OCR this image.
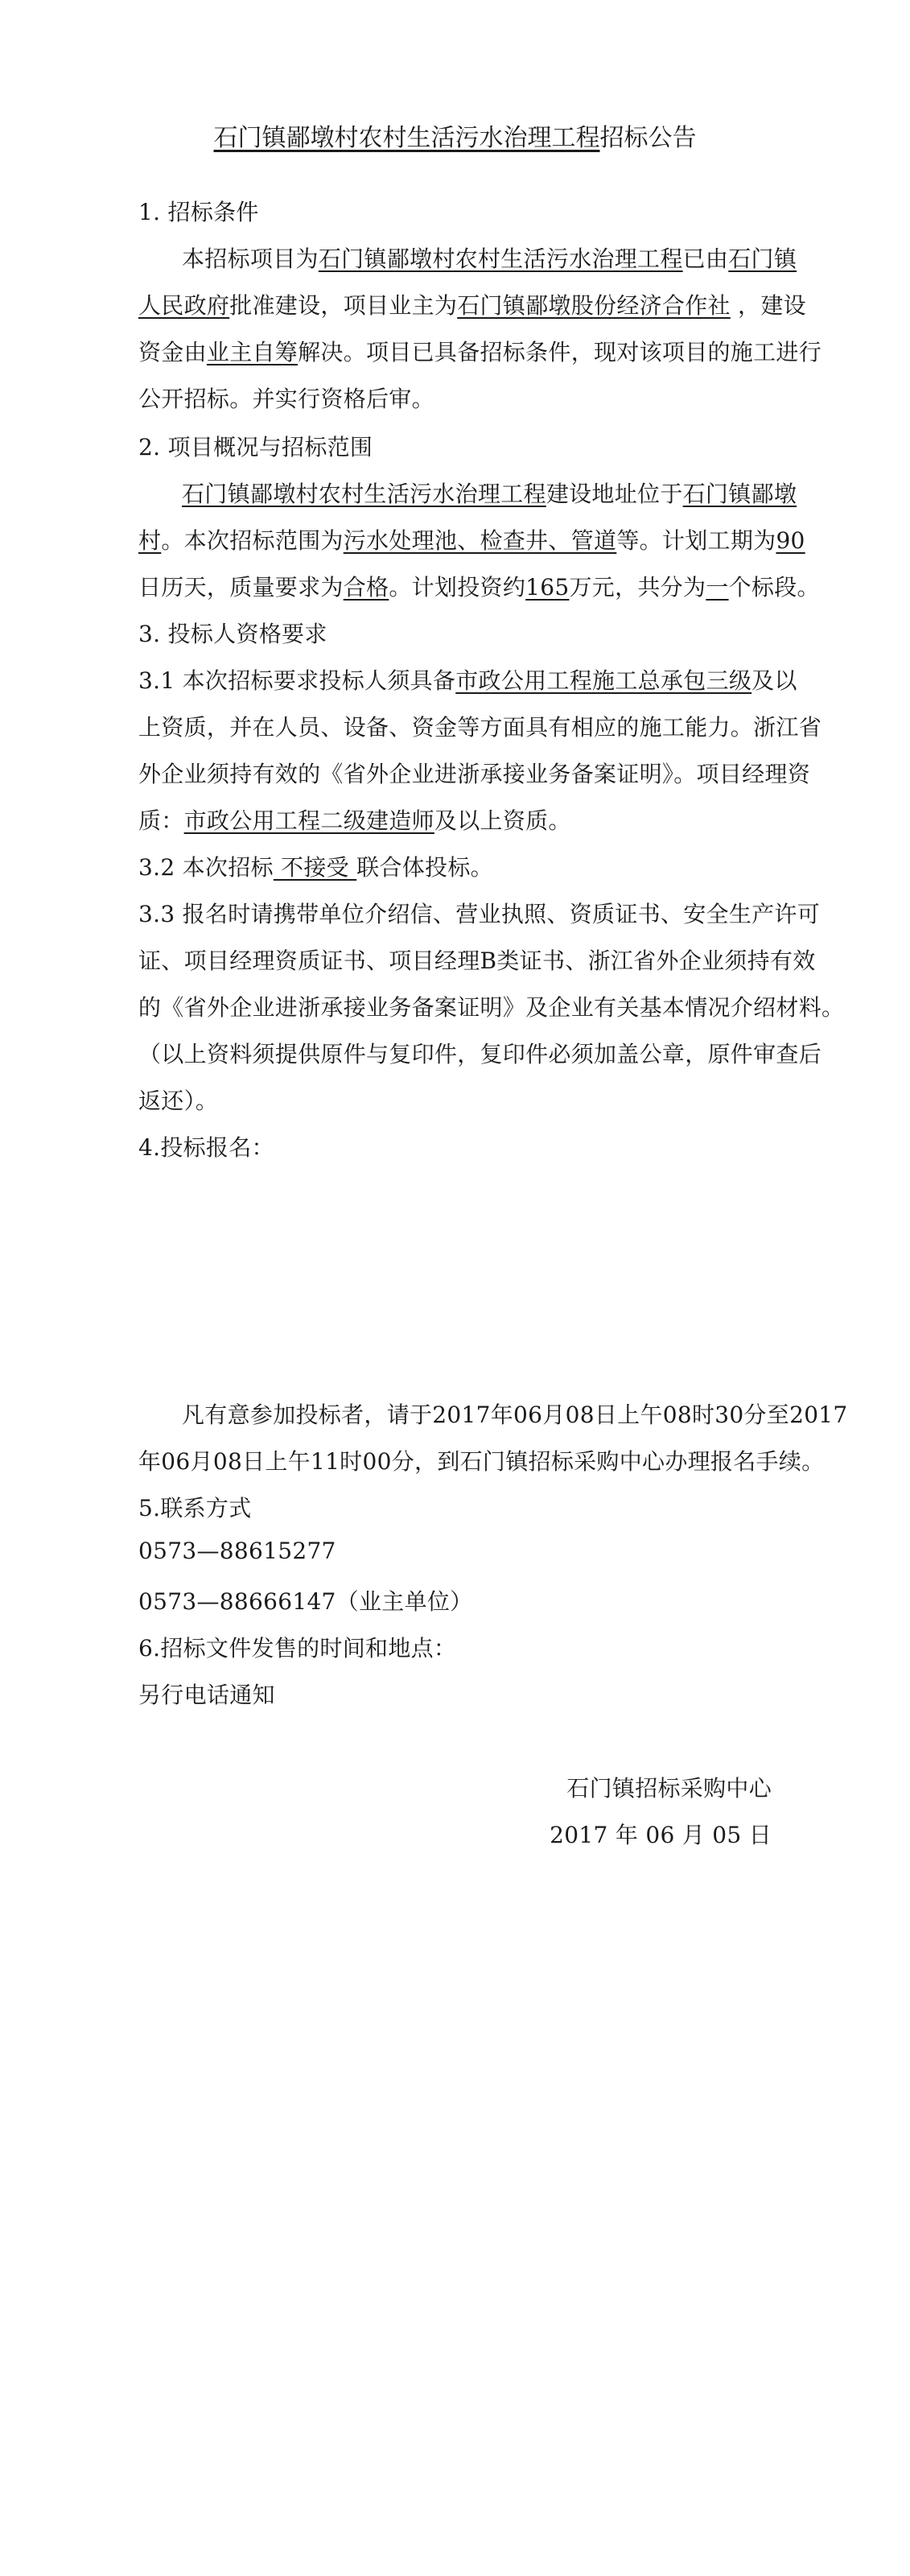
石门镇鄙墩村农村生活污水治理工程招标公告
1. 招标条件
本招标项目为石门镇鄙墩村农村生活污水治理工程已由石门镇
人民政府批准建设，项目业主为石门镇鄙墩股份经济合作社 ，建设
资金由业主自筹解决。项目已具备招标条件，现对该项目的施工进行
公开招标。并实行资格后审。
2. 项目概况与招标范围
石门镇鄙墩村农村生活污水治理工程建设地址位于石门镇鄙墩
村。本次招标范围为污水处理池、检查井、管道等。计划工期为90
日历天，质量要求为合格。计划投资约165万元，共分为一个标段。
3. 投标人资格要求
3.1 本次招标要求投标人须具备市政公用工程施工总承包三级及以
上资质，并在人员、设备、资金等方面具有相应的施工能力。浙江省
外企业须持有效的《省外企业进浙承接业务备案证明》。项目经理资
质：市政公用工程二级建造师及以上资质。
3.2 本次招标 不接受 联合体投标。
3.3 报名时请携带单位介绍信、营业执照、资质证书、安全生产许可
证、项目经理资质证书、项目经理B类证书、浙江省外企业须持有效
的《省外企业进浙承接业务备案证明》及企业有关基本情况介绍材料。
（以上资料须提供原件与复印件，复印件必须加盖公章，原件审查后
返还）。
4.投标报名：
凡有意参加投标者，请于2017年06月08日上午08时30分至2017
年06月08日上午11时00分，到石门镇招标采购中心办理报名手续。
5.联系方式
0573—88615277
0573—88666147（业主单位）
6.招标文件发售的时间和地点：
另行电话通知
石门镇招标采购中心
2017 年 06 月 05 日
